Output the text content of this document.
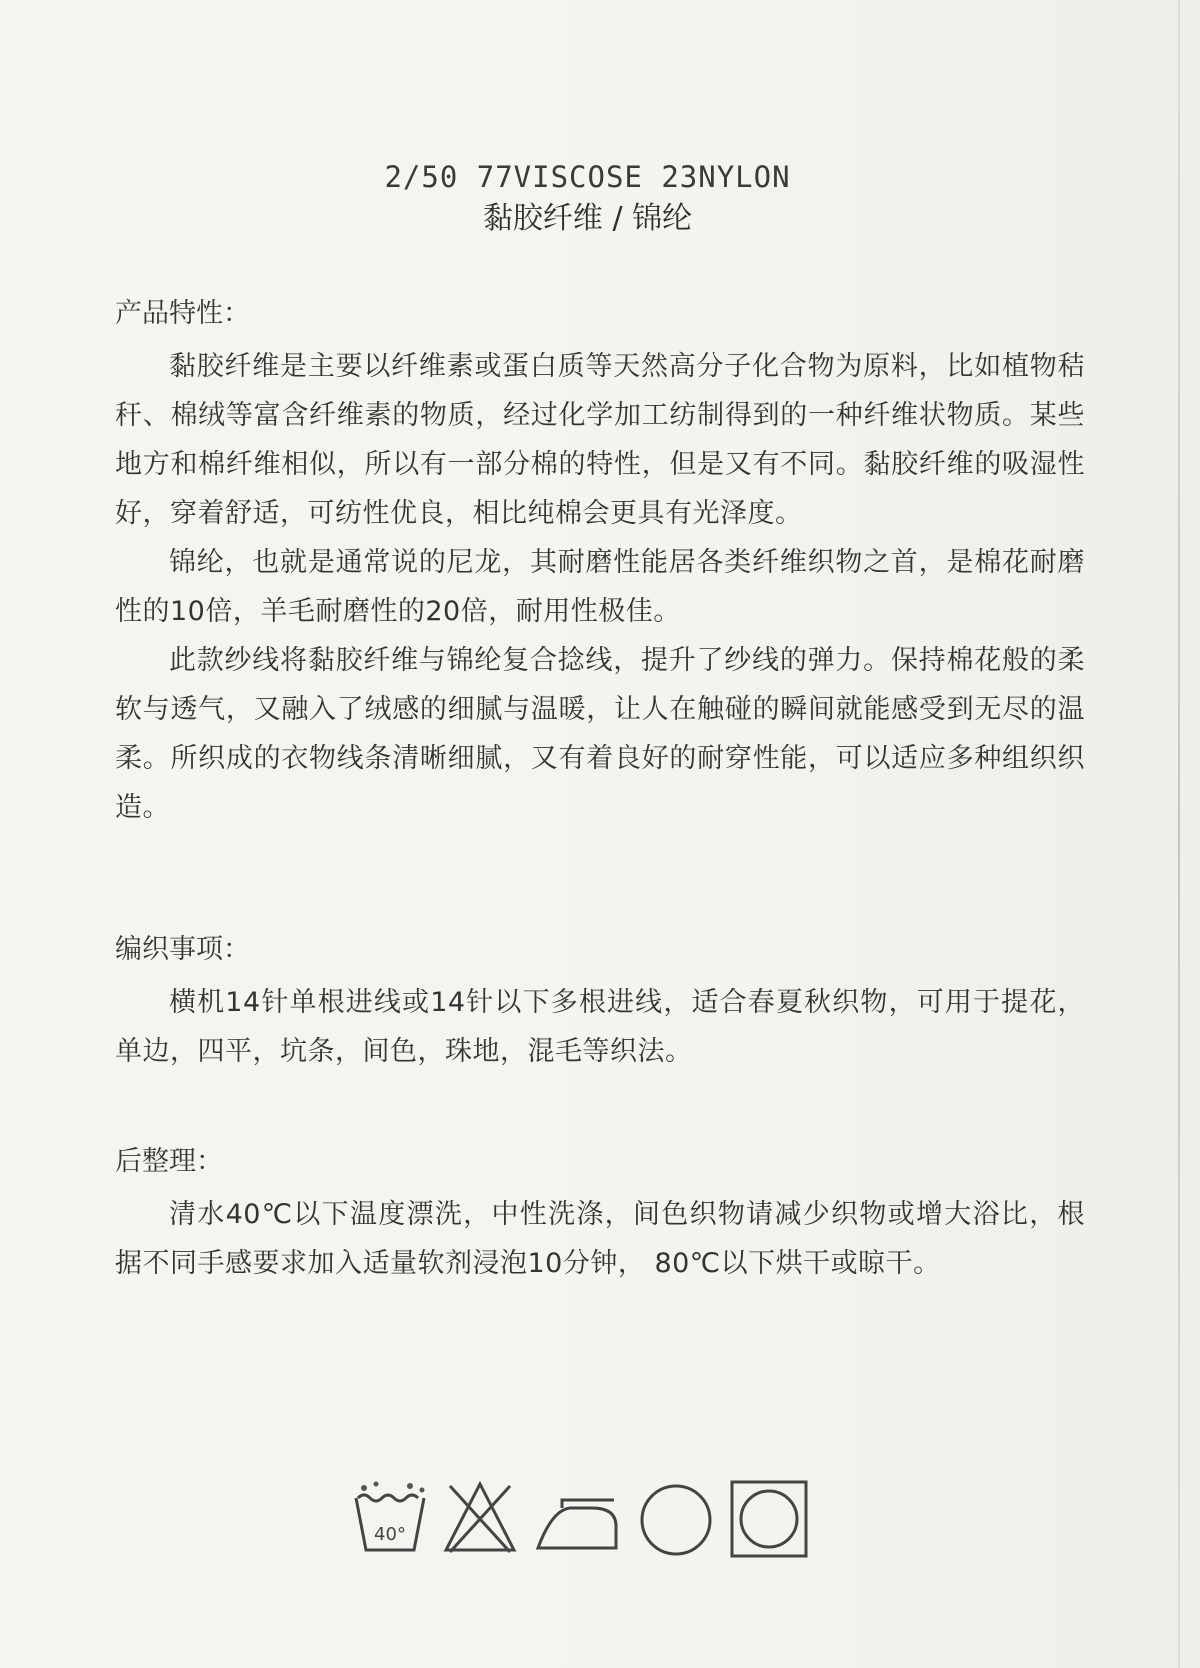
2/50 77VISCOSE 23NYLON
黏胶纤维 / 锦纶
产品特性：
黏胶纤维是主要以纤维素或蛋白质等天然高分子化合物为原料，比如植物秸秆、棉绒等富含纤维素的物质，经过化学加工纺制得到的一种纤维状物质。某些地方和棉纤维相似，所以有一部分棉的特性，但是又有不同。黏胶纤维的吸湿性好，穿着舒适，可纺性优良，相比纯棉会更具有光泽度。
锦纶，也就是通常说的尼龙，其耐磨性能居各类纤维织物之首，是棉花耐磨性的10倍，羊毛耐磨性的20倍，耐用性极佳。
此款纱线将黏胶纤维与锦纶复合捻线，提升了纱线的弹力。保持棉花般的柔软与透气，又融入了绒感的细腻与温暖，让人在触碰的瞬间就能感受到无尽的温柔。所织成的衣物线条清晰细腻，又有着良好的耐穿性能，可以适应多种组织织造。
编织事项：
横机14针单根进线或14针以下多根进线，适合春夏秋织物，可用于提花，单边，四平，坑条，间色，珠地，混毛等织法。
后整理：
清水40℃以下温度漂洗，中性洗涤，间色织物请减少织物或增大浴比，根据不同手感要求加入适量软剂浸泡10分钟， 80℃以下烘干或晾干。
40°
